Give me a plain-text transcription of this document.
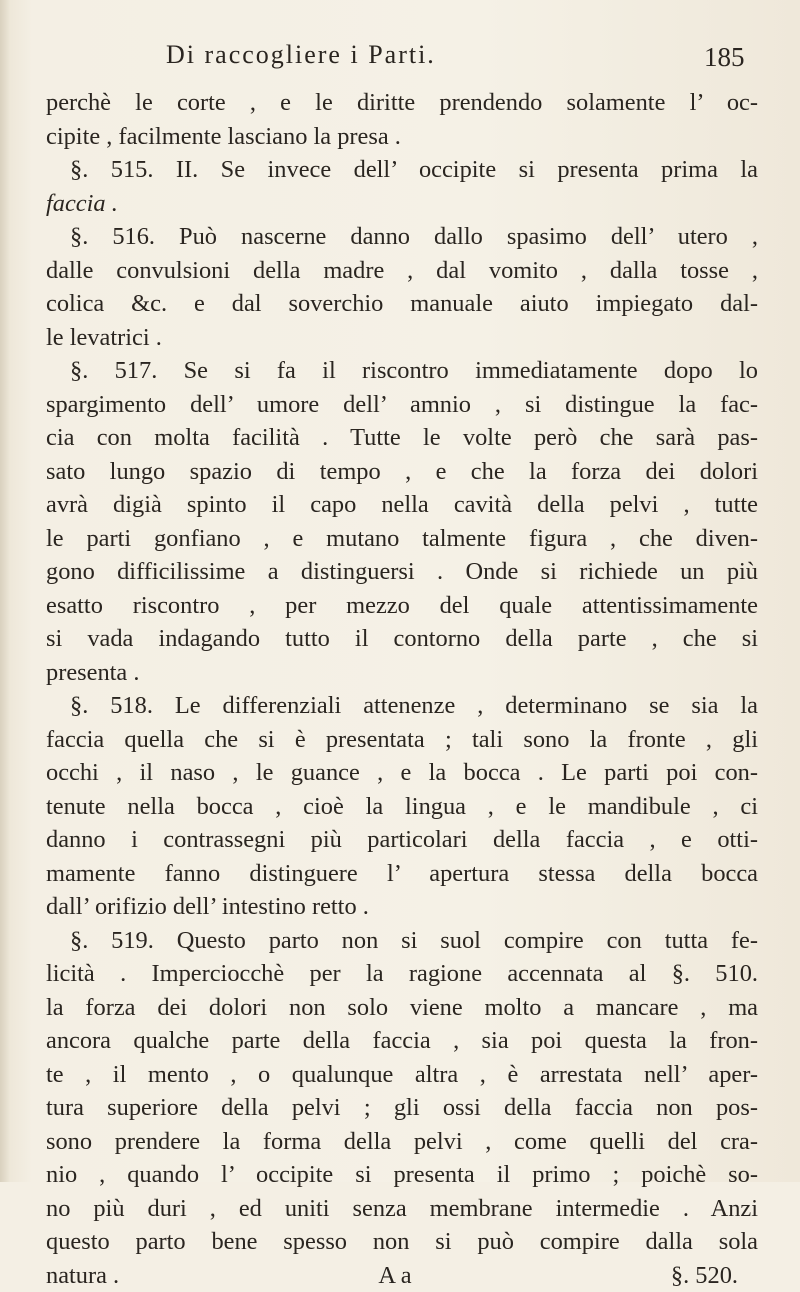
Di raccogliere i Parti.	185
perchè le corte , e le diritte prendendo solamente l’ oc-
cipite , facilmente lasciano la presa .
§. 515. II. Se invece dell’ occipite si presenta prima la
faccia .
§. 516. Può nascerne danno dallo spasimo dell’ utero ,
dalle convulsioni della madre , dal vomito , dalla tosse ,
colica &c. e dal soverchio manuale aiuto impiegato dal-
le levatrici .
§. 517. Se si fa il riscontro immediatamente dopo lo
spargimento dell’ umore dell’ amnio , si distingue la fac-
cia con molta facilità . Tutte le volte però che sarà pas-
sato lungo spazio di tempo , e che la forza dei dolori
avrà digià spinto il capo nella cavità della pelvi , tutte
le parti gonfiano , e mutano talmente figura , che diven-
gono difficilissime a distinguersi . Onde si richiede un più
esatto riscontro , per mezzo del quale attentissimamente
si vada indagando tutto il contorno della parte , che si
presenta .
§. 518. Le differenziali attenenze , determinano se sia la
faccia quella che si è presentata ; tali sono la fronte , gli
occhi , il naso , le guance , e la bocca . Le parti poi con-
tenute nella bocca , cioè la lingua , e le mandibule , ci
danno i contrassegni più particolari della faccia , e otti-
mamente fanno distinguere l’ apertura stessa della bocca
dall’ orifizio dell’ intestino retto .
§. 519. Questo parto non si suol compire con tutta fe-
licità . Imperciocchè per la ragione accennata al §. 510.
la forza dei dolori non solo viene molto a mancare , ma
ancora qualche parte della faccia , sia poi questa la fron-
te , il mento , o qualunque altra , è arrestata nell’ aper-
tura superiore della pelvi ; gli ossi della faccia non pos-
sono prendere la forma della pelvi , come quelli del cra-
nio , quando l’ occipite si presenta il primo ; poichè so-
no più duri , ed uniti senza membrane intermedie . Anzi
questo parto bene spesso non si può compire dalla sola
natura .	A a	§. 520.
